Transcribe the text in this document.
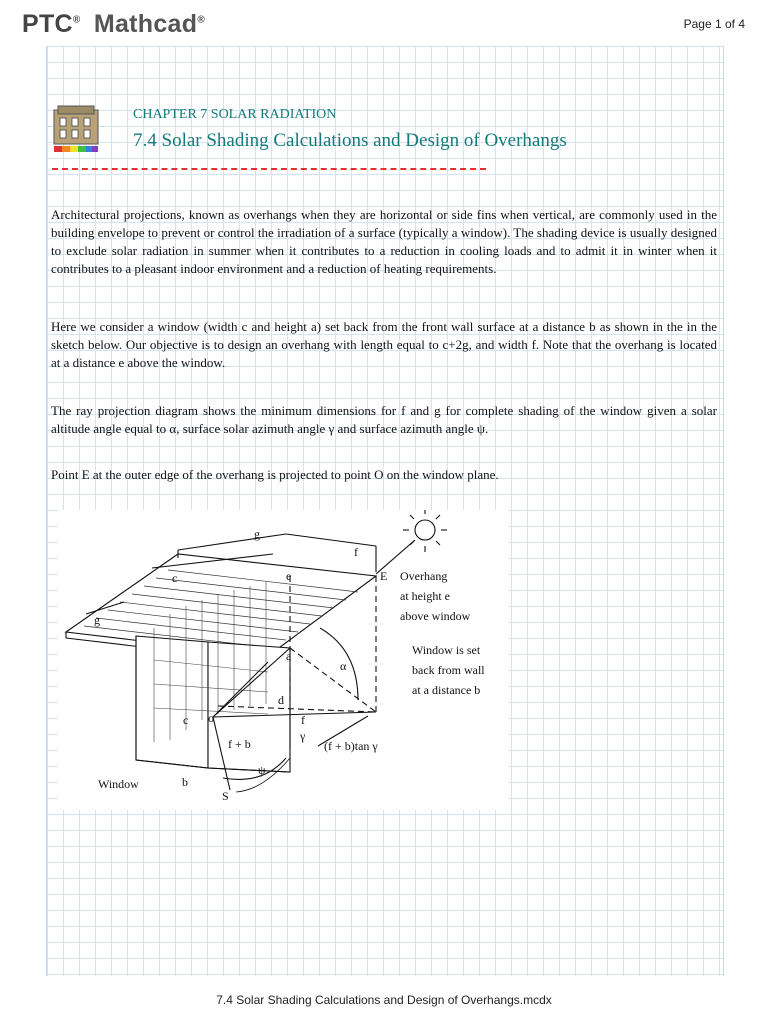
PTC® Mathcad®	Page 1 of 4
CHAPTER 7 SOLAR RADIATION
7.4 Solar Shading Calculations and Design of Overhangs

Architectural projections, known as overhangs when they are horizontal or side fins when vertical, are commonly used in the building envelope to prevent or control the irradiation of a surface (typically a window). The shading device is usually designed to exclude solar radiation in summer when it contributes to a reduction in cooling loads and to admit it in winter when it contributes to a pleasant indoor environment and a reduction of heating requirements.

Here we consider a window (width c and height a) set back from the front wall surface at a distance b as shown in the in the sketch below. Our objective is to design an overhang with length equal to c+2g, and width f. Note that the overhang is located at a distance e above the window.

The ray projection diagram shows the minimum dimensions for f and g for complete shading of the window given a solar altitude angle equal to α, surface solar azimuth angle γ and surface azimuth angle ψ.

Point E at the outer edge of the overhang is projected to point O on the window plane.

g
f
c	e	E
g
a
α
d
c o
f + b
f
γ
(f + b)tan γ
ψ
Window	b
S
Overhang
at height e
above window
Window is set
back from wall
at a distance b
7.4 Solar Shading Calculations and Design of Overhangs.mcdx
